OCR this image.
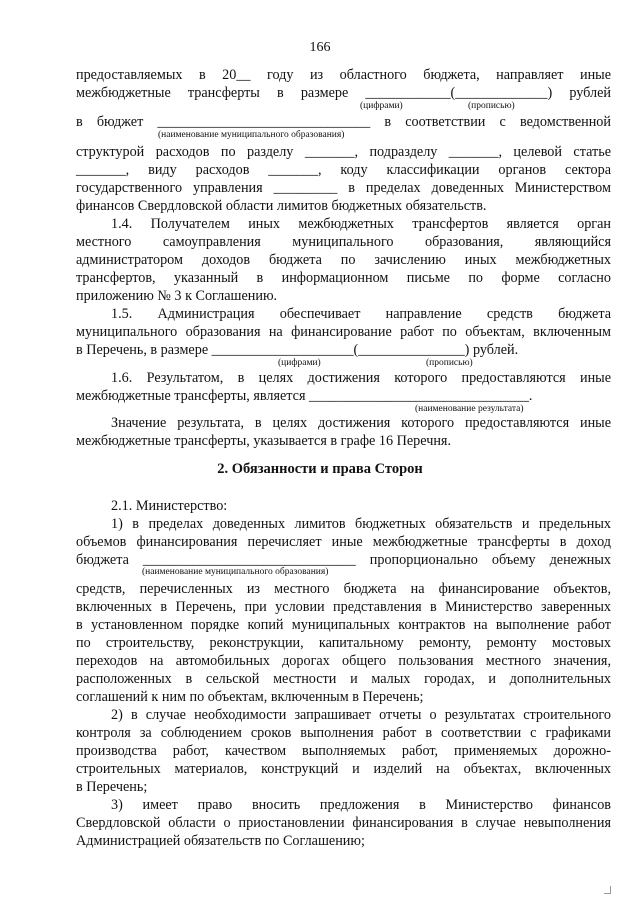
166
предоставляемых в 20__ году из областного бюджета, направляет иные
межбюджетные трансферты в размере ____________(_____________) рублей
(цифрами)	(прописью)
в бюджет ______________________________ в соответствии с ведомственной
(наименование муниципального образования)
структурой расходов по разделу _______, подразделу _______, целевой статье
_______, виду расходов _______, коду классификации органов сектора
государственного управления _________ в пределах доведенных Министерством
финансов Свердловской области лимитов бюджетных обязательств.
1.4. Получателем иных межбюджетных трансфертов является орган
местного самоуправления муниципального образования, являющийся
администратором доходов бюджета по зачислению иных межбюджетных
трансфертов, указанный в информационном письме по форме согласно
приложению № 3 к Соглашению.
1.5. Администрация обеспечивает направление средств бюджета
муниципального образования на финансирование работ по объектам, включенным
в Перечень, в размере ____________________(_______________) рублей.
(цифрами)	(прописью)
1.6. Результатом, в целях достижения которого предоставляются иные
межбюджетные трансферты, является _______________________________.
(наименование результата)
Значение результата, в целях достижения которого предоставляются иные
межбюджетные трансферты, указывается в графе 16 Перечня.
2. Обязанности и права Сторон
2.1. Министерство:
1) в пределах доведенных лимитов бюджетных обязательств и предельных
объемов финансирования перечисляет иные межбюджетные трансферты в доход
бюджета ______________________________ пропорционально объему денежных
(наименование муниципального образования)
средств, перечисленных из местного бюджета на финансирование объектов,
включенных в Перечень, при условии представления в Министерство заверенных
в установленном порядке копий муниципальных контрактов на выполнение работ
по строительству, реконструкции, капитальному ремонту, ремонту мостовых
переходов на автомобильных дорогах общего пользования местного значения,
расположенных в сельской местности и малых городах, и дополнительных
соглашений к ним по объектам, включенным в Перечень;
2) в случае необходимости запрашивает отчеты о результатах строительного
контроля за соблюдением сроков выполнения работ в соответствии с графиками
производства работ, качеством выполняемых работ, применяемых дорожно-
строительных материалов, конструкций и изделий на объектах, включенных
в Перечень;
3) имеет право вносить предложения в Министерство финансов
Свердловской области о приостановлении финансирования в случае невыполнения
Администрацией обязательств по Соглашению;
